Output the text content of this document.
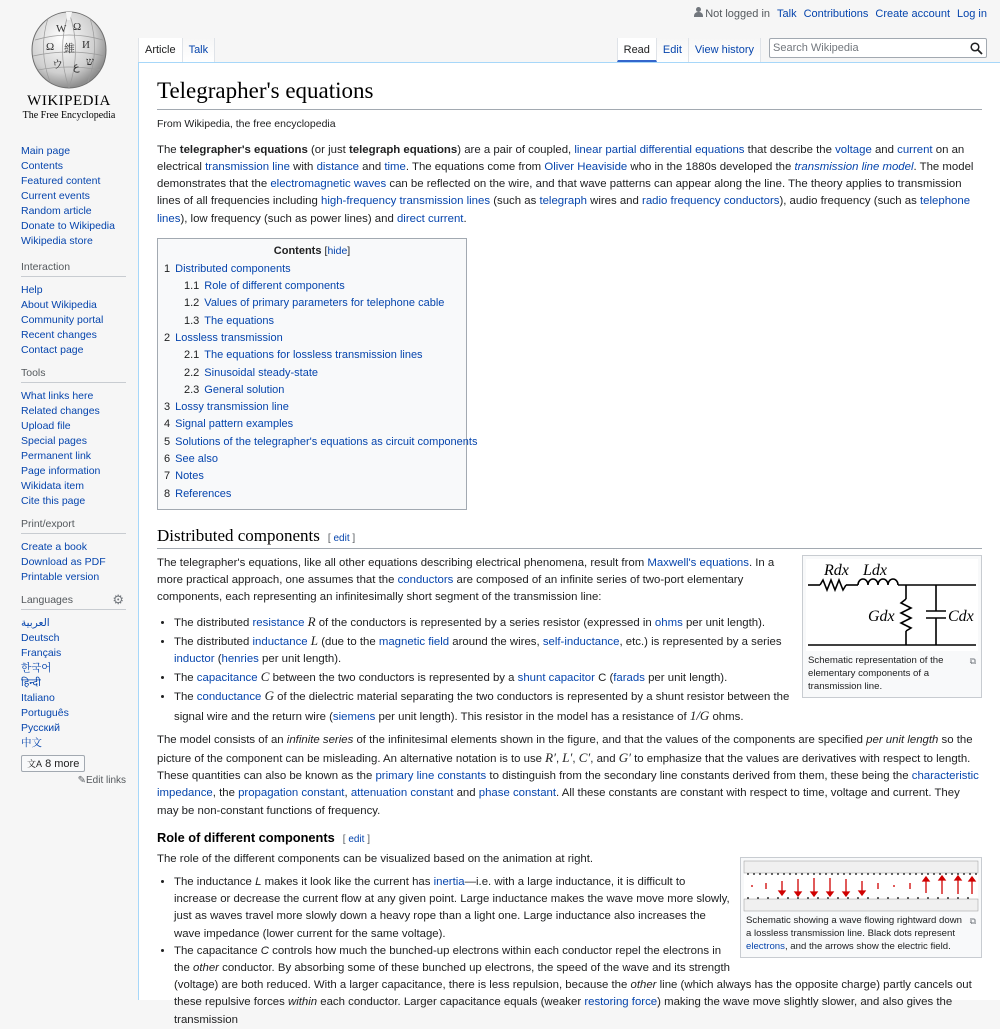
Not logged in Talk Contributions Create account Log in
W Ω
Ω 維 И
ウ ع ש
WIKIPEDIA
The Free Encyclopedia
Main page
Contents
Featured content
Current events
Random article
Donate to Wikipedia
Wikipedia store
Interaction
Help
About Wikipedia
Community portal
Recent changes
Contact page
Tools
What links here
Related changes
Upload file
Special pages
Permanent link
Page information
Wikidata item
Cite this page
Print/export
Create a book
Download as PDF
Printable version
Languages	⚙
العربية
Deutsch
Français
한국어
हिन्दी
Italiano
Português
Русский
中文
文A 8 more
✎Edit links
Article	Talk	Read	Edit	View history
Search Wikipedia
Telegrapher's equations
From Wikipedia, the free encyclopedia

The telegrapher's equations (or just telegraph equations) are a pair of coupled, linear partial differential equations that describe the voltage and current on an electrical transmission line with distance and time. The equations come from Oliver Heaviside who in the 1880s developed the transmission line model. The model demonstrates that the electromagnetic waves can be reflected on the wire, and that wave patterns can appear along the line. The theory applies to transmission lines of all frequencies including high-frequency transmission lines (such as telegraph wires and radio frequency conductors), audio frequency (such as telephone lines), low frequency (such as power lines) and direct current.

Contents [hide]
1 Distributed components
1.1 Role of different components
1.2 Values of primary parameters for telephone cable
1.3 The equations
2 Lossless transmission
2.1 The equations for lossless transmission lines
2.2 Sinusoidal steady-state
2.3 General solution
3 Lossy transmission line
4 Signal pattern examples
5 Solutions of the telegrapher's equations as circuit components
6 See also
7 Notes
8 References
Distributed components [ edit ]
Rdx Ldx
Gdx	Cdx
⧉
Schematic representation of the elementary components of a transmission line.

The telegrapher's equations, like all other equations describing electrical phenomena, result from Maxwell's equations. In a more practical approach, one assumes that the conductors are composed of an infinite series of two-port elementary components, each representing an infinitesimally short segment of the transmission line:

• The distributed resistance R of the conductors is represented by a series resistor (expressed in ohms per unit length).
• The distributed inductance L (due to the magnetic field around the wires, self-inductance, etc.) is represented by a series inductor (henries per unit length).
• The capacitance C between the two conductors is represented by a shunt capacitor C (farads per unit length).
• The conductance G of the dielectric material separating the two conductors is represented by a shunt resistor between the signal wire and the return wire (siemens per unit length). This resistor in the model has a resistance of 1/G ohms.

The model consists of an infinite series of the infinitesimal elements shown in the figure, and that the values of the components are specified per unit length so the picture of the component can be misleading. An alternative notation is to use R′, L′, C′, and G′ to emphasize that the values are derivatives with respect to length. These quantities can also be known as the primary line constants to distinguish from the secondary line constants derived from them, these being the characteristic impedance, the propagation constant, attenuation constant and phase constant. All these constants are constant with respect to time, voltage and current. They may be non-constant functions of frequency.

Role of different components [ edit ]
⧉
Schematic showing a wave flowing rightward down a lossless transmission line. Black dots represent electrons, and the arrows show the electric field.

The role of the different components can be visualized based on the animation at right.

• The inductance L makes it look like the current has inertia—i.e. with a large inductance, it is difficult to increase or decrease the current flow at any given point. Large inductance makes the wave move more slowly, just as waves travel more slowly down a heavy rope than a light one. Large inductance also increases the wave impedance (lower current for the same voltage).
• The capacitance C controls how much the bunched-up electrons within each conductor repel the electrons in the other conductor. By absorbing some of these bunched up electrons, the speed of the wave and its strength (voltage) are both reduced. With a larger capacitance, there is less repulsion, because the other line (which always has the opposite charge) partly cancels out these repulsive forces within each conductor. Larger capacitance equals (weaker restoring force) making the wave move slightly slower, and also gives the transmission
